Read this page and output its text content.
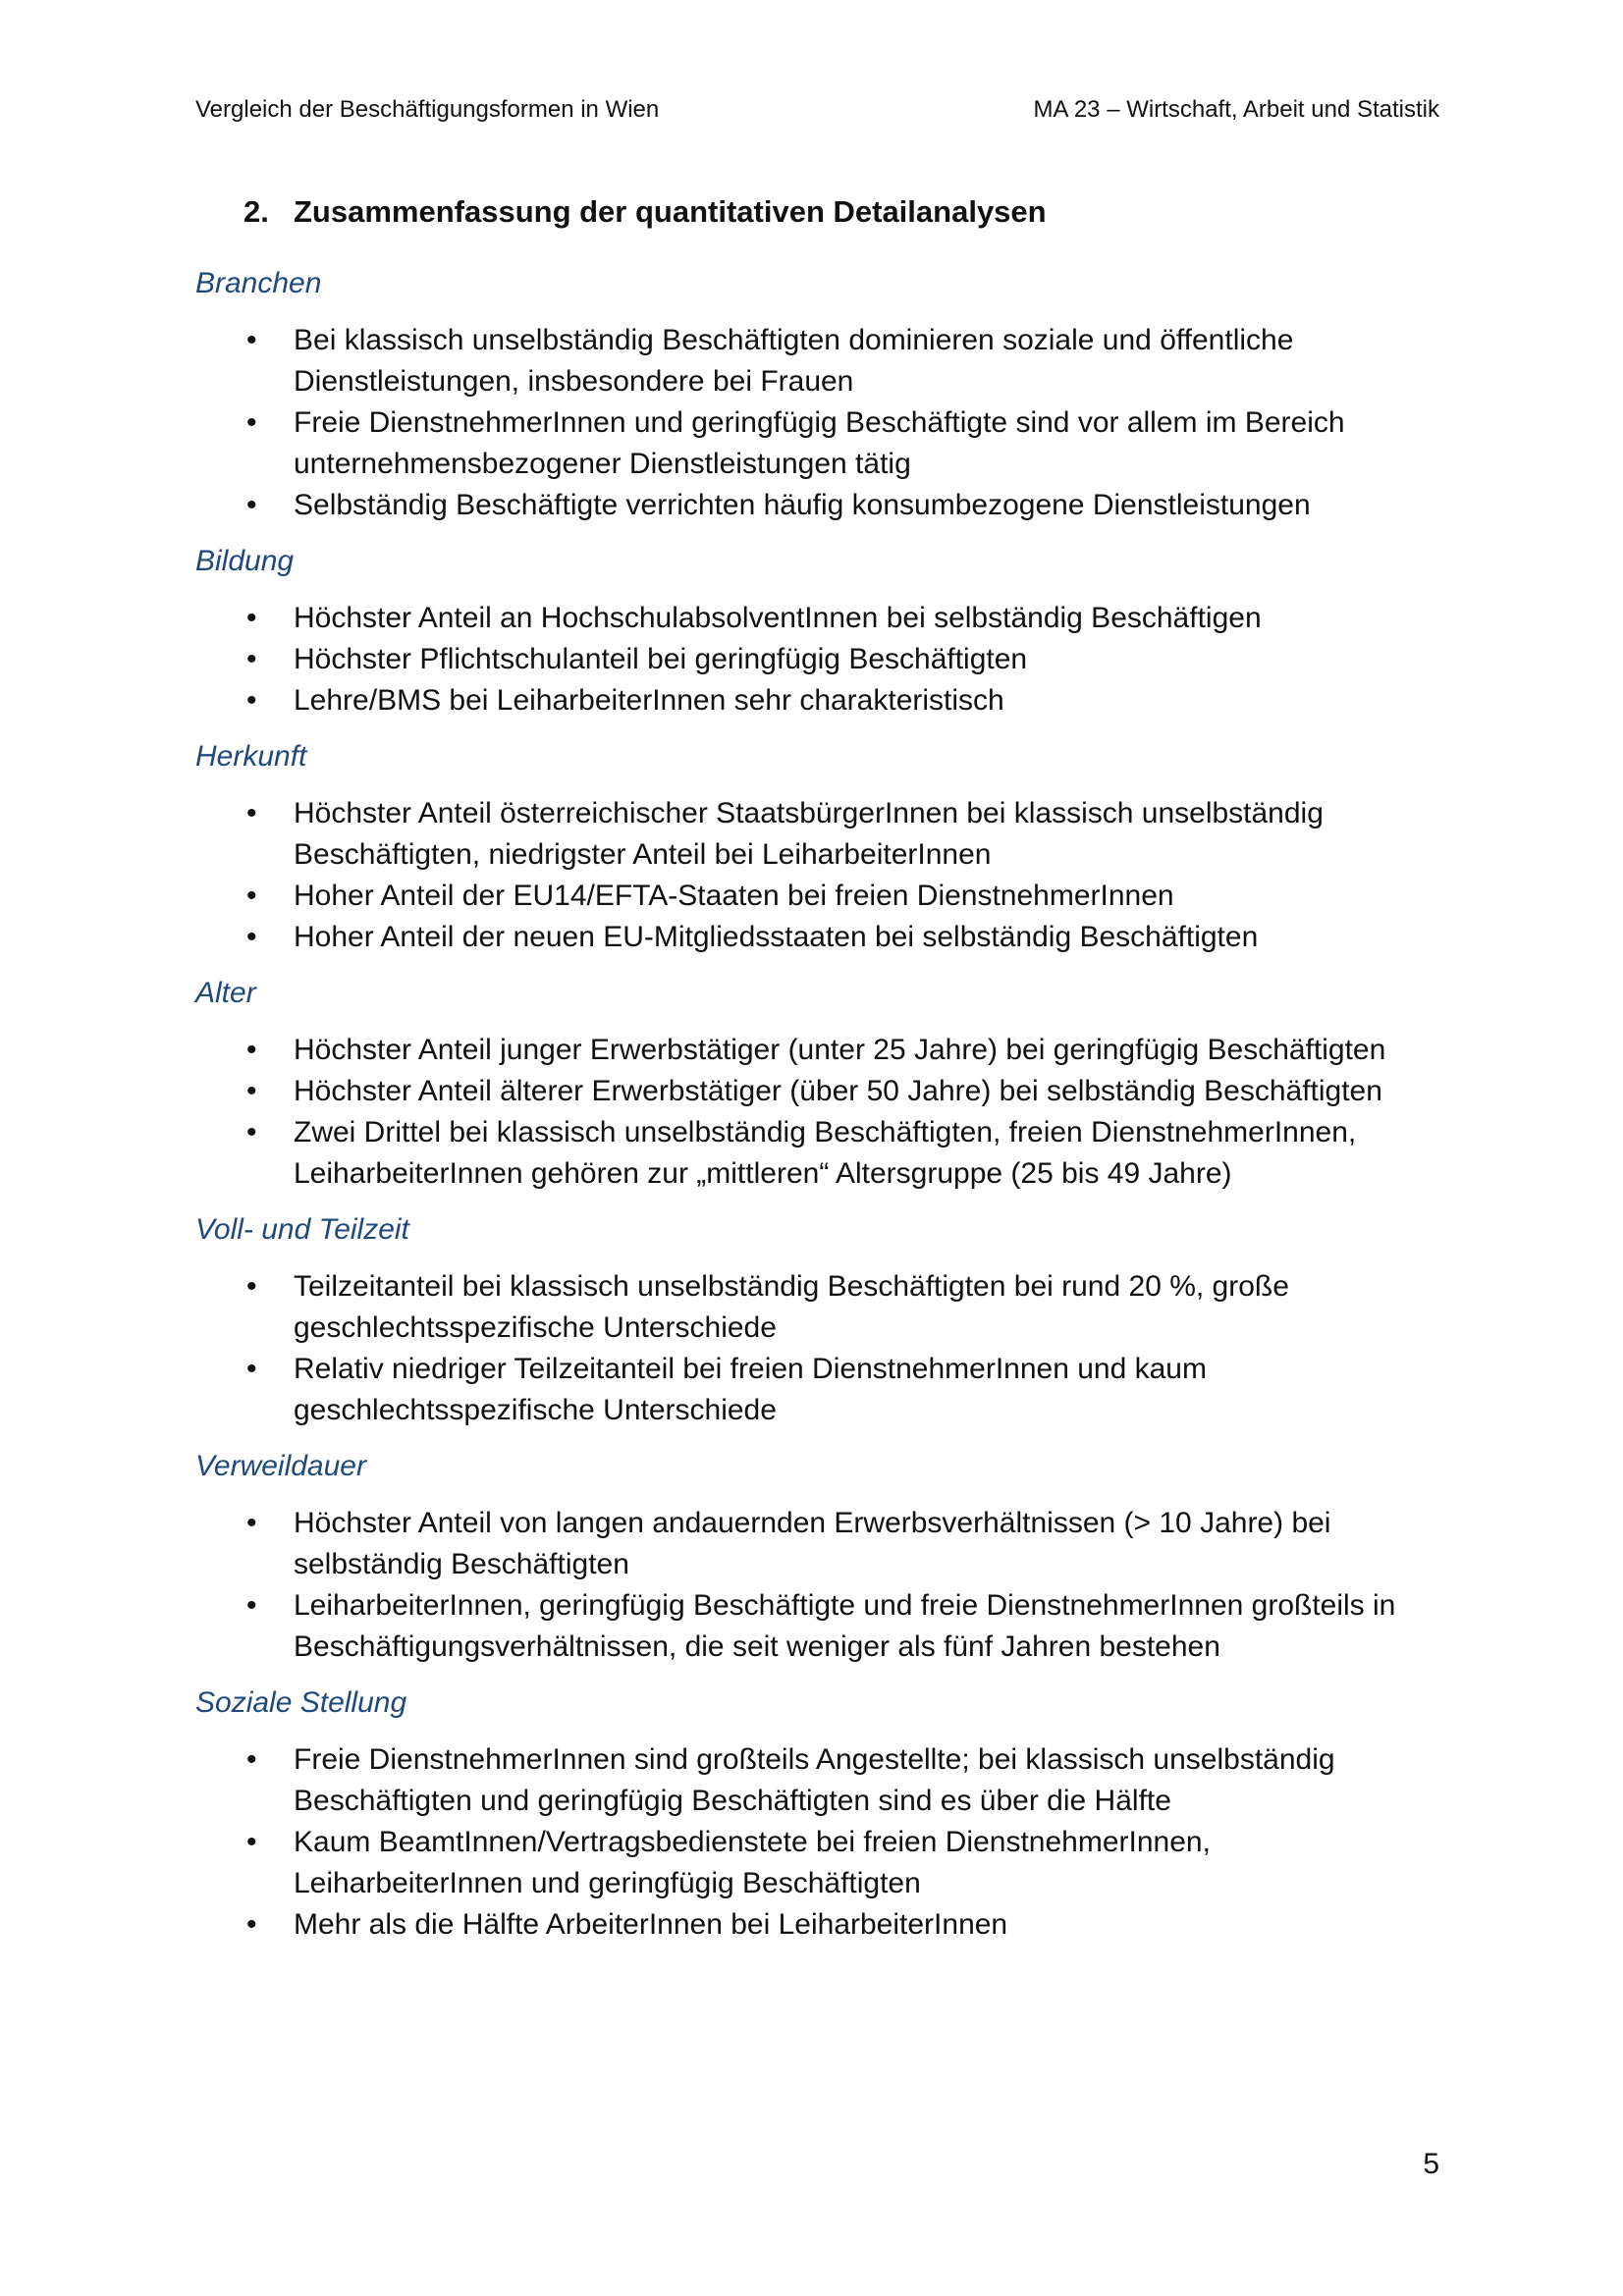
Vergleich der Beschäftigungsformen in Wien	MA 23 – Wirtschaft, Arbeit und Statistik
2. Zusammenfassung der quantitativen Detailanalysen
Branchen
• Bei klassisch unselbständig Beschäftigten dominieren soziale und öffentliche
Dienstleistungen, insbesondere bei Frauen
• Freie DienstnehmerInnen und geringfügig Beschäftigte sind vor allem im Bereich
unternehmensbezogener Dienstleistungen tätig
• Selbständig Beschäftigte verrichten häufig konsumbezogene Dienstleistungen
Bildung
• Höchster Anteil an HochschulabsolventInnen bei selbständig Beschäftigen
• Höchster Pflichtschulanteil bei geringfügig Beschäftigten
• Lehre/BMS bei LeiharbeiterInnen sehr charakteristisch
Herkunft
• Höchster Anteil österreichischer StaatsbürgerInnen bei klassisch unselbständig
Beschäftigten, niedrigster Anteil bei LeiharbeiterInnen
• Hoher Anteil der EU14/EFTA-Staaten bei freien DienstnehmerInnen
• Hoher Anteil der neuen EU-Mitgliedsstaaten bei selbständig Beschäftigten
Alter
• Höchster Anteil junger Erwerbstätiger (unter 25 Jahre) bei geringfügig Beschäftigten
• Höchster Anteil älterer Erwerbstätiger (über 50 Jahre) bei selbständig Beschäftigten
• Zwei Drittel bei klassisch unselbständig Beschäftigten, freien DienstnehmerInnen,
LeiharbeiterInnen gehören zur „mittleren“ Altersgruppe (25 bis 49 Jahre)
Voll- und Teilzeit
• Teilzeitanteil bei klassisch unselbständig Beschäftigten bei rund 20 %, große
geschlechtsspezifische Unterschiede
• Relativ niedriger Teilzeitanteil bei freien DienstnehmerInnen und kaum
geschlechtsspezifische Unterschiede
Verweildauer
• Höchster Anteil von langen andauernden Erwerbsverhältnissen (> 10 Jahre) bei
selbständig Beschäftigten
• LeiharbeiterInnen, geringfügig Beschäftigte und freie DienstnehmerInnen großteils in
Beschäftigungsverhältnissen, die seit weniger als fünf Jahren bestehen
Soziale Stellung
• Freie DienstnehmerInnen sind großteils Angestellte; bei klassisch unselbständig
Beschäftigten und geringfügig Beschäftigten sind es über die Hälfte
• Kaum BeamtInnen/Vertragsbedienstete bei freien DienstnehmerInnen,
LeiharbeiterInnen und geringfügig Beschäftigten
• Mehr als die Hälfte ArbeiterInnen bei LeiharbeiterInnen
5
